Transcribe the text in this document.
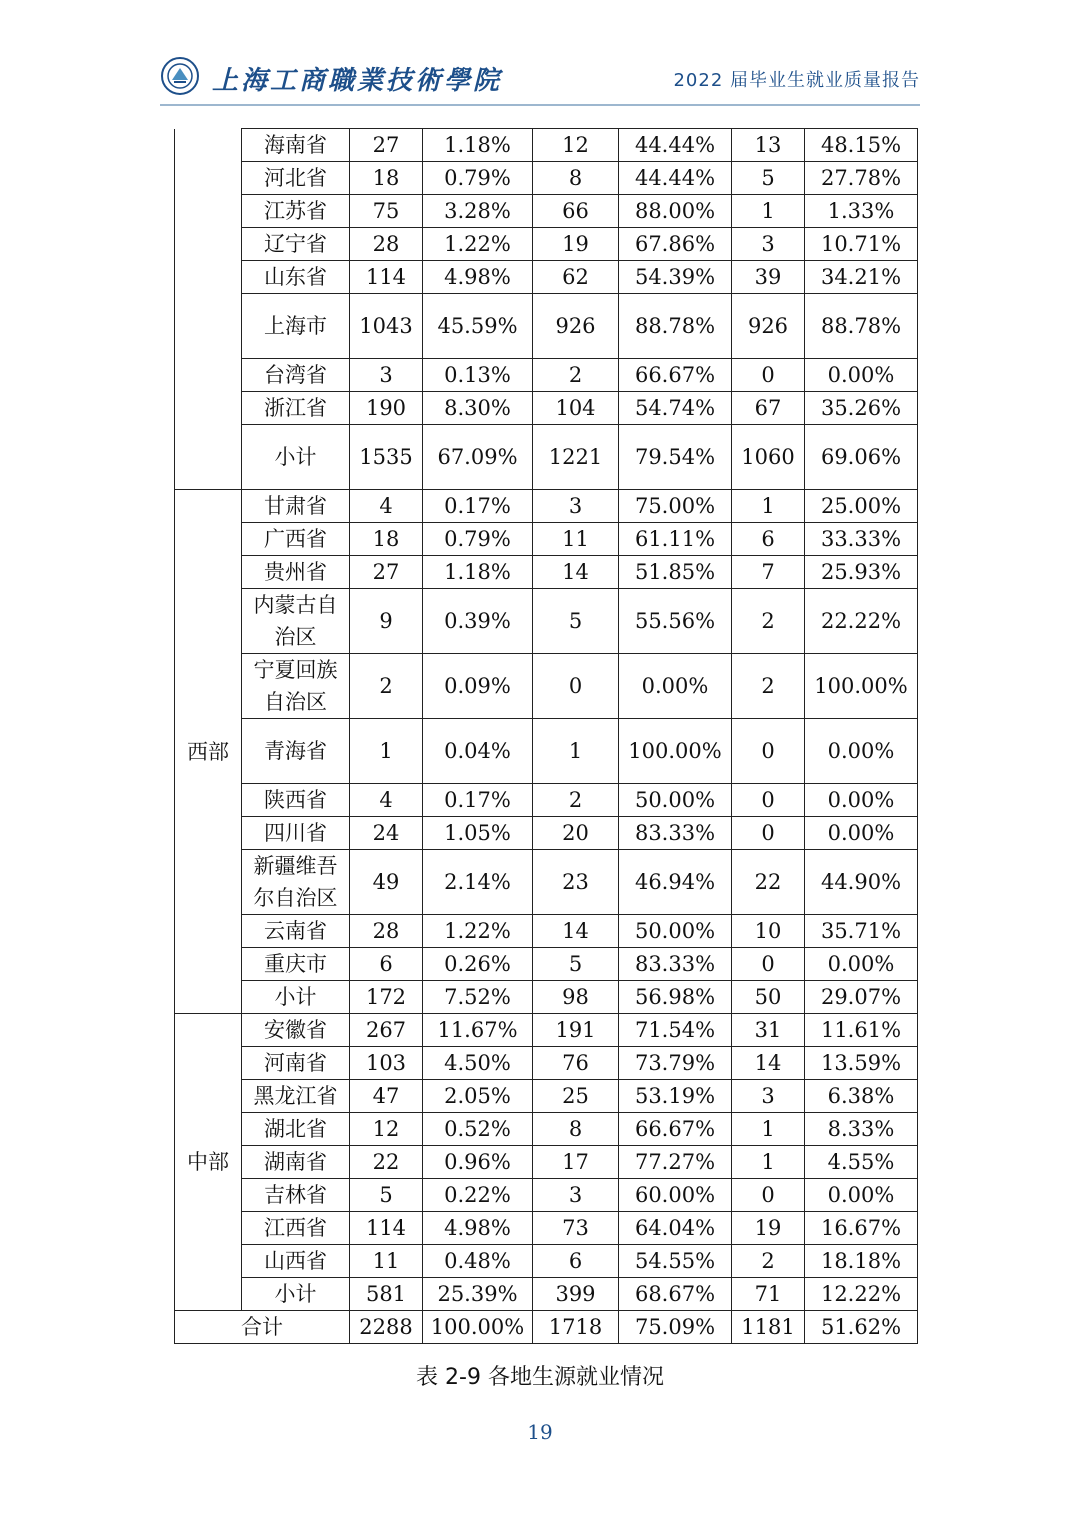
上海工商職業技術學院	2022 届毕业生就业质量报告
	海南省	27	1.18%	12	44.44%	13	48.15%
	河北省	18	0.79%	8	44.44%	5	27.78%
	江苏省	75	3.28%	66	88.00%	1	1.33%
	辽宁省	28	1.22%	19	67.86%	3	10.71%
	山东省	114	4.98%	62	54.39%	39	34.21%
	上海市	1043	45.59%	926	88.78%	926	88.78%
	台湾省	3	0.13%	2	66.67%	0	0.00%
	浙江省	190	8.30%	104	54.74%	67	35.26%
	小计	1535	67.09%	1221	79.54%	1060	69.06%
西部	甘肃省	4	0.17%	3	75.00%	1	25.00%
	广西省	18	0.79%	11	61.11%	6	33.33%
	贵州省	27	1.18%	14	51.85%	7	25.93%
	内蒙古自治区	9	0.39%	5	55.56%	2	22.22%
	宁夏回族自治区	2	0.09%	0	0.00%	2	100.00%
	青海省	1	0.04%	1	100.00%	0	0.00%
	陕西省	4	0.17%	2	50.00%	0	0.00%
	四川省	24	1.05%	20	83.33%	0	0.00%
	新疆维吾尔自治区	49	2.14%	23	46.94%	22	44.90%
	云南省	28	1.22%	14	50.00%	10	35.71%
	重庆市	6	0.26%	5	83.33%	0	0.00%
	小计	172	7.52%	98	56.98%	50	29.07%
中部	安徽省	267	11.67%	191	71.54%	31	11.61%
	河南省	103	4.50%	76	73.79%	14	13.59%
	黑龙江省	47	2.05%	25	53.19%	3	6.38%
	湖北省	12	0.52%	8	66.67%	1	8.33%
	湖南省	22	0.96%	17	77.27%	1	4.55%
	吉林省	5	0.22%	3	60.00%	0	0.00%
	江西省	114	4.98%	73	64.04%	19	16.67%
	山西省	11	0.48%	6	54.55%	2	18.18%
	小计	581	25.39%	399	68.67%	71	12.22%
合计		2288	100.00%	1718	75.09%	1181	51.62%
表 2-9 各地生源就业情况
19
